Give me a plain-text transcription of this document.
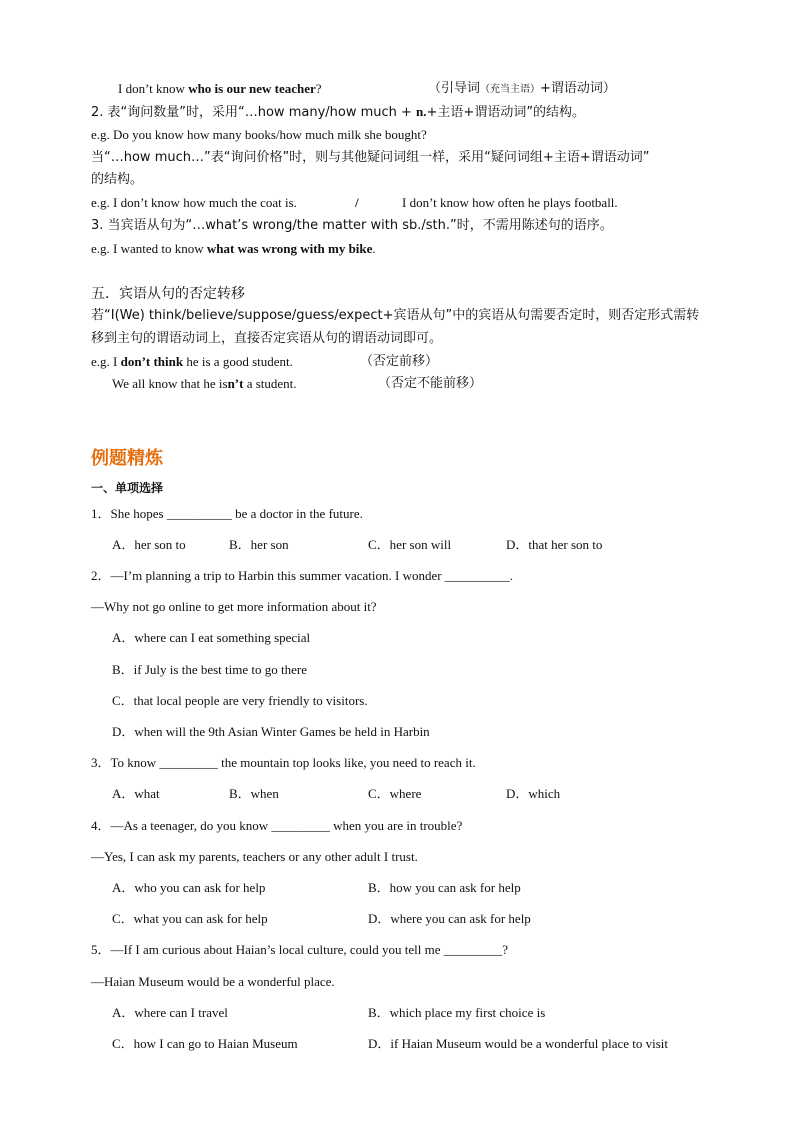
I don’t know who is our new teacher?	（引导词（充当主语）+谓语动词）
2. 表“询问数量”时，采用“…how many/how much + n.+主语+谓语动词”的结构。
e.g. Do you know how many books/how much milk she bought?
当“…how much…”表“询问价格”时，则与其他疑问词组一样，采用“疑问词组+主语+谓语动词”
的结构。
e.g. I don’t know how much the coat is.	/	I don’t know how often he plays football.
3. 当宾语从句为“…what’s wrong/the matter with sb./sth.”时，不需用陈述句的语序。
e.g. I wanted to know what was wrong with my bike.
五．宾语从句的否定转移
若“I(We) think/believe/suppose/guess/expect+宾语从句”中的宾语从句需要否定时，则否定形式需转
移到主句的谓语动词上，直接否定宾语从句的谓语动词即可。
e.g. I don’t think he is a good student.	（否定前移）
We all know that he isn’t a student.	（否定不能前移）
例题精炼
一、单项选择
1．She hopes __________ be a doctor in the future.
A．her son to	B．her son	C．her son will	D．that her son to
2．—I’m planning a trip to Harbin this summer vacation. I wonder __________.
—Why not go online to get more information about it?
A．where can I eat something special
B．if July is the best time to go there
C．that local people are very friendly to visitors.
D．when will the 9th Asian Winter Games be held in Harbin
3．To know _________ the mountain top looks like, you need to reach it.
A．what	B．when	C．where	D．which
4．—As a teenager, do you know _________ when you are in trouble?
—Yes, I can ask my parents, teachers or any other adult I trust.
A．who you can ask for help	B．how you can ask for help
C．what you can ask for help	D．where you can ask for help
5．—If I am curious about Haian’s local culture, could you tell me _________?
—Haian Museum would be a wonderful place.
A．where can I travel	B．which place my first choice is
C．how I can go to Haian Museum	D．if Haian Museum would be a wonderful place to visit
